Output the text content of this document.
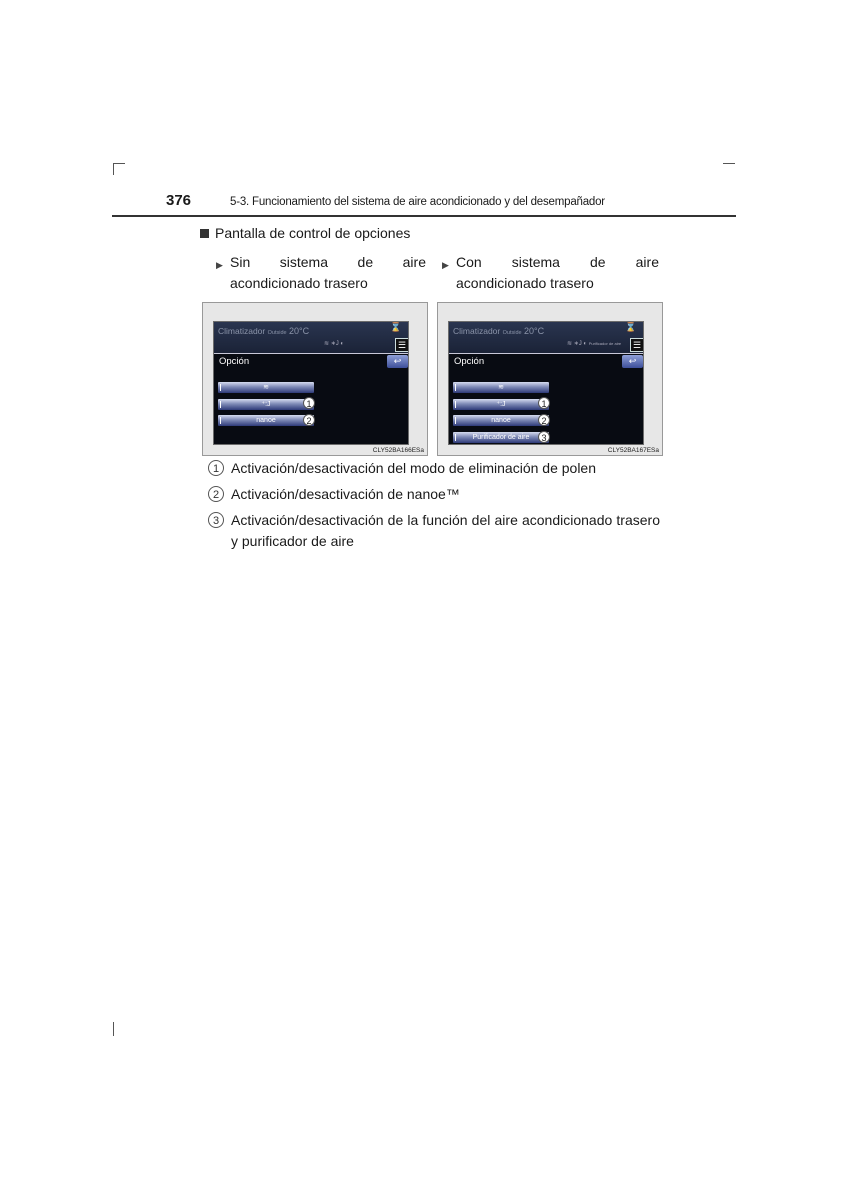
376	5-3. Funcionamiento del sistema de aire acondicionado y del desempañador
Pantalla de control de opciones
▶ Sin sistema de aire acondicionado trasero
▶ Con sistema de aire acondicionado trasero
Climatizador Outside 20°C	⌛
≋ ∗J ◐	☰
Opción	↩
≋
⁺:J
nanoe
1
2
CLY52BA166ESa
Climatizador Outside 20°C	⌛
≋ ∗J ◐ Purificador de aire	☰
Opción	↩
≋
⁺:J
nanoe
Purificador de aire
1
2
3
CLY52BA167ESa
1 Activación/desactivación del modo de eliminación de polen
2 Activación/desactivación de nanoe™
3 Activación/desactivación de la función del aire acondicionado trasero y purificador de aire
